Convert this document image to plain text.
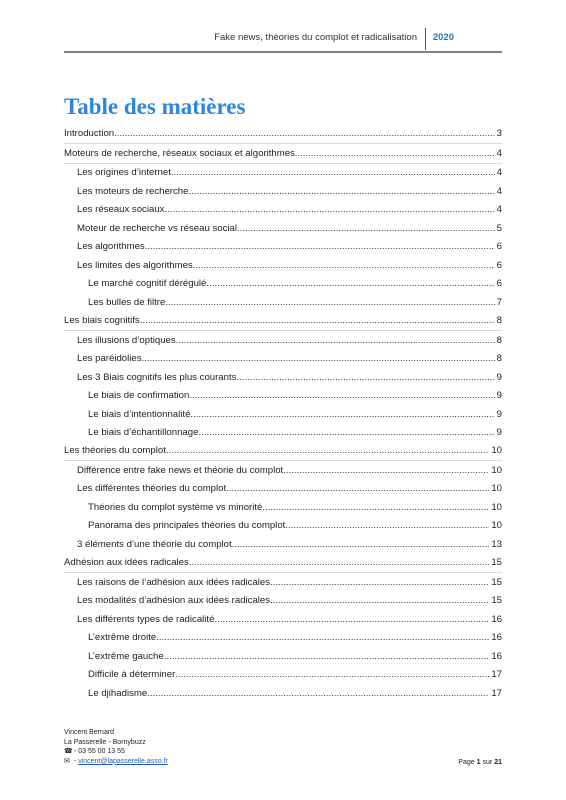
Fake news, théories du complot et radicalisation 2020
Table des matières
Introduction .....	3
Moteurs de recherche, réseaux sociaux et algorithmes .....	4
Les origines d’internet .....	4
Les moteurs de recherche .....	4
Les réseaux sociaux .....	4
Moteur de recherche vs réseau social .....	5
Les algorithmes .....	6
Les limites des algorithmes .....	6
Le marché cognitif dérégulé .....	6
Les bulles de filtre .....	7
Les biais cognitifs .....	8
Les illusions d’optiques .....	8
Les paréidolies .....	8
Les 3 Biais cognitifs les plus courants .....	9
Le biais de confirmation .....	9
Le biais d’intentionnalité .....	9
Le biais d’échantillonnage .....	9
Les théories du complot .....	10
Différence entre fake news et théorie du complot .....	10
Les différentes théories du complot .....	10
Théories du complot système vs minorité .....	10
Panorama des principales théories du complot .....	10
3 éléments d’une théorie du complot .....	13
Adhésion aux idées radicales .....	15
Les raisons de l’adhésion aux idées radicales .....	15
Les modalités d’adhésion aux idées radicales .....	15
Les différents types de radicalité .....	16
L’extrême droite .....	16
L’extrême gauche .....	16
Difficile à déterminer .....	17
Le djihadisme .....	17
Vincent Bernard
La Passerelle - Bornybuzz
☎ - 03 55 00 13 55
✉ - vincent@lapasserelle.asso.fr	Page 1 sur 21
